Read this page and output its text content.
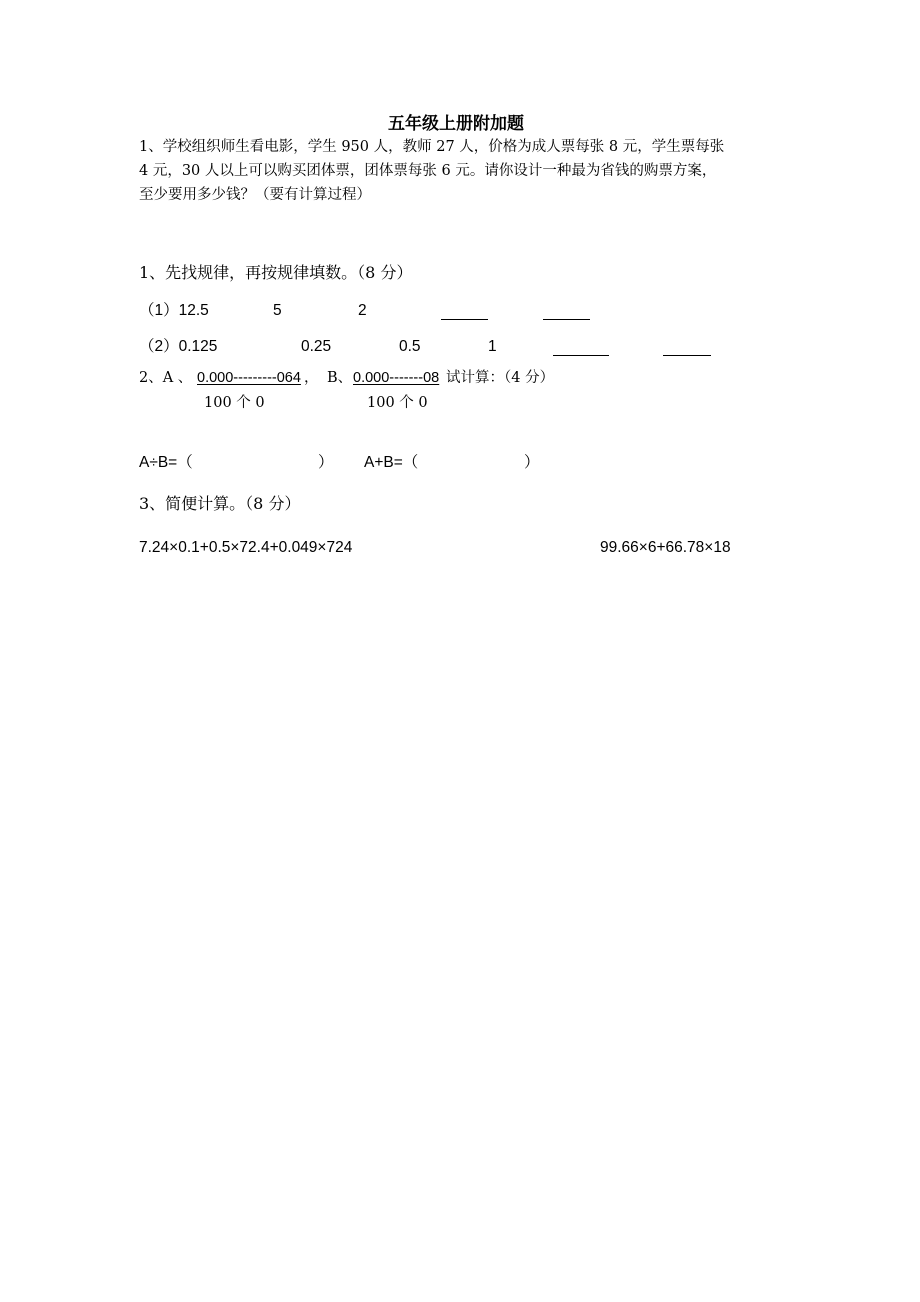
五年级上册附加题
1、学校组织师生看电影，学生 950 人，教师 27 人，价格为成人票每张 8 元，学生票每张
4 元，30 人以上可以购买团体票，团体票每张 6 元。请你设计一种最为省钱的购票方案，
至少要用多少钱？（要有计算过程）
1、先找规律，再按规律填数。（8 分）
（1）12.5	5	2
（2）0.125	0.25	0.5	1
2、A 、 0.000---------064 ， B、 0.000-------08 试计算：（4 分）
100 个 0	100 个 0
A÷B=（	） A+B=（	）
3、简便计算。（8 分）
7.24×0.1+0.5×72.4+0.049×724	99.66×6+66.78×18
